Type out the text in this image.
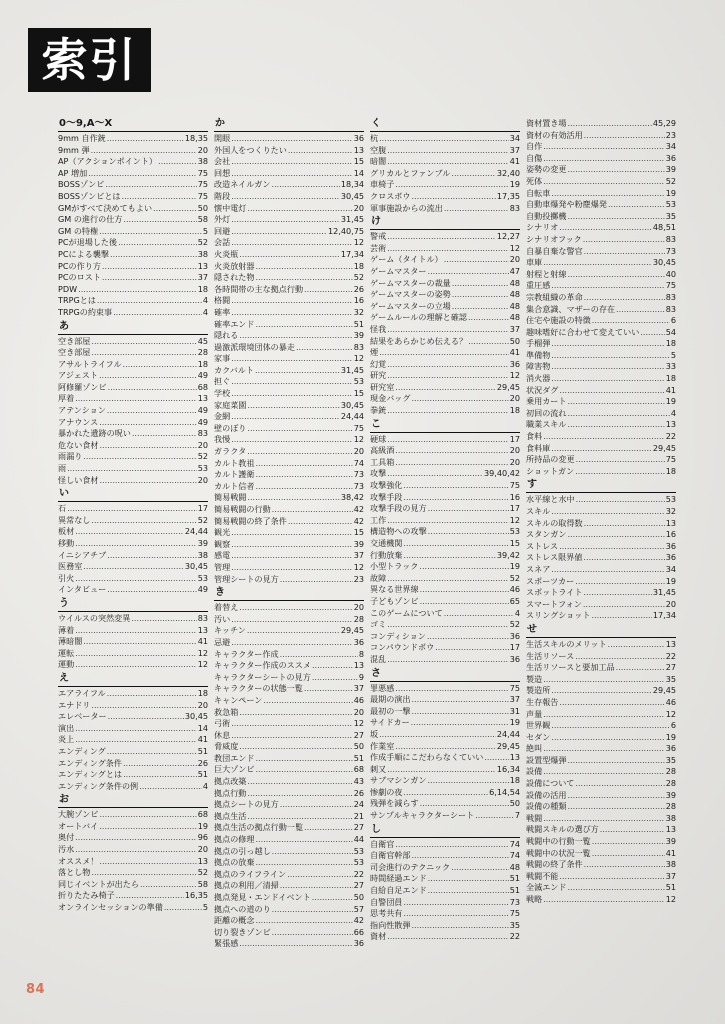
索引
0～9,A～X
9mm 自作銃 .....	18,35
9mm 弾 .....	20
AP（アクションポイント） .....	38
AP 増加 .....	75
BOSSゾンビ .....	75
BOSSゾンビとは .....	75
GMがすべて決めてもよい .....	50
GM の進行の仕方 .....	58
GM の特権 .....	5
PCが退場した後 .....	52
PCによる襲撃 .....	38
PCの作り方 .....	13
PCのロスト .....	37
PDW .....	18
TRPGとは .....	4
TRPGの約束事 .....	4
あ
空き部屋 .....	45
空き部屋 .....	28
アサルトライフル .....	18
アジェスト .....	49
阿修羅ゾンビ .....	68
厚着 .....	13
アテンション .....	49
アナウンス .....	49
暴かれた遺跡の呪い .....	83
危ない食材 .....	20
雨漏り .....	52
雨 .....	53
怪しい食材 .....	20
い
石 .....	17
異常なし .....	52
板材 .....	24,44
移動 .....	39
イニシアチブ .....	38
医務室 .....	30,45
引火 .....	53
インタビュー .....	49
う
ウイルスの突然変異 .....	83
薄着 .....	13
薄暗闇 .....	41
運転 .....	12
運動 .....	12
え
エアライフル .....	18
エナドリ .....	20
エレベーター .....	30,45
演出 .....	14
炎上 .....	41
エンディング .....	51
エンディング条件 .....	26
エンディングとは .....	51
エンディング条件の例 .....	4
お
大腕ゾンビ .....	68
オートバイ .....	19
奥付 .....	96
汚水 .....	20
オススメ！ .....	13
落とし物 .....	52
同じイベントが出たら .....	58
折りたたみ椅子 .....	16,35
オンラインセッションの準備 .....	5
か
開眼 .....	36
外国人をつくりたい .....	13
会社 .....	15
回想 .....	14
改造ネイルガン .....	18,34
階段 .....	30,45
懐中電灯 .....	20
外灯 .....	31,45
回避 .....	12,40,75
会話 .....	12
火炎瓶 .....	17,34
火炎放射器 .....	18
隠された物 .....	52
各時間帯の主な拠点行動 .....	26
格闘 .....	16
確率 .....	32
確率エンド .....	51
隠れる .....	39
過激派環境団体の暴走 .....	83
家事 .....	12
カクバルト .....	31,45
担ぐ .....	53
学校 .....	15
家庭菜園 .....	30,45
金網 .....	24,44
壁のぼり .....	75
我慢 .....	12
ガラクタ .....	20
カルト教祖 .....	74
カルト護衛 .....	73
カルト信者 .....	73
簡易戦闘 .....	38,42
簡易戦闘の行動 .....	42
簡易戦闘の終了条件 .....	42
観光 .....	15
観察 .....	39
感電 .....	37
管理 .....	12
管理シートの見方 .....	23
き
着替え .....	20
汚い .....	28
キッチン .....	29,45
忌避 .....	36
キャラクター作成 .....	8
キャラクター作成のススメ .....	13
キャラクターシートの見方 .....	9
キャラクターの状態一覧 .....	37
キャンペーン .....	46
救急箱 .....	20
弓術 .....	12
休息 .....	27
脅威度 .....	50
教団エンド .....	51
巨大ゾンビ .....	68
拠点改築 .....	43
拠点行動 .....	26
拠点シートの見方 .....	24
拠点生活 .....	21
拠点生活の拠点行動一覧 .....	27
拠点の修理 .....	44
拠点の引っ越し .....	53
拠点の放棄 .....	53
拠点のライフライン .....	22
拠点の利用／清掃 .....	27
拠点発見・エンドイベント .....	50
拠点への道のり .....	57
距離の概念 .....	42
切り裂きゾンビ .....	66
緊張感 .....	36
く
杭 .....	34
空腹 .....	37
暗闇 .....	41
グリカルとファンブル .....	32,40
車椅子 .....	19
クロスボウ .....	17,35
軍事施設からの流出 .....	83
け
警戒 .....	12,27
芸術 .....	12
ゲーム（タイトル） .....	20
ゲームマスター .....	47
ゲームマスターの裁量 .....	48
ゲームマスターの姿勢 .....	48
ゲームマスターの立場 .....	48
ゲームルールの理解と確認 .....	48
怪我 .....	37
結果をあらかじめ伝える？ .....	50
煙 .....	41
幻覚 .....	36
研究 .....	12
研究室 .....	29,45
現金バッグ .....	20
拳銃 .....	18
こ
硬球 .....	17
高級酒 .....	20
工具箱 .....	20
攻撃 .....	39,40,42
攻撃強化 .....	75
攻撃手段 .....	16
攻撃手段の見方 .....	17
工作 .....	12
構造物への攻撃 .....	53
交通機関 .....	15
行動放棄 .....	39,42
小型トラック .....	19
故障 .....	52
異なる世界線 .....	46
子どもゾンビ .....	65
このゲームについて .....	4
ゴミ .....	52
コンディション .....	36
コンパウンドボウ .....	17
混乱 .....	36
さ
罪悪感 .....	75
最期の演出 .....	37
最初の一撃 .....	31
サイドカー .....	19
坂 .....	24,44
作業室 .....	29,45
作成手順にこだわらなくていい .....	13
刺又 .....	16,34
サブマシンガン .....	18
惨劇の夜 .....	6,14,54
残弾を減らす .....	50
サンプルキャラクターシート .....	7
し
自衛官 .....	74
自衛官幹部 .....	74
司会進行のテクニック .....	48
時間経過エンド .....	51
自給自足エンド .....	51
自警団員 .....	73
思考共有 .....	75
指向性散弾 .....	35
資材 .....	22
資材置き場 .....	45,29
資材の有効活用 .....	23
自作 .....	34
自傷 .....	36
姿勢の変更 .....	39
死体 .....	52
自転車 .....	19
自動車爆発や粉塵爆発 .....	53
自動投擲機 .....	35
シナリオ .....	48,51
シナリオフック .....	83
自暴自棄な警官 .....	73
車庫 .....	30,45
射程と射線 .....	40
重圧感 .....	75
宗教組織の革命 .....	83
集合意識、マザーの存在 .....	83
住宅や施設の特徴 .....	6
趣味嗜好に合わせて変えていい .....	54
手榴弾 .....	18
準備物 .....	5
障害物 .....	33
消火器 .....	18
状況ダグ .....	41
乗用カート .....	19
初回の流れ .....	4
職業スキル .....	13
食料 .....	22
食料庫 .....	29,45
所持品の変更 .....	75
ショットガン .....	18
す
水平線と水中 .....	53
スキル .....	32
スキルの取得数 .....	13
スタンガン .....	16
ストレス .....	36
ストレス限界値 .....	36
スネア .....	34
スポーツカー .....	19
スポットライト .....	31,45
スマートフォン .....	20
スリングショット .....	17,34
せ
生活スキルのメリット .....	13
生活リソース .....	22
生活リソースと要加工品 .....	27
製造 .....	35
製造所 .....	29,45
生存報告 .....	46
声量 .....	12
世界観 .....	6
セダン .....	19
絶叫 .....	36
設置型爆弾 .....	35
設備 .....	28
設備について .....	28
設備の活用 .....	39
設備の種類 .....	28
戦闘 .....	38
戦闘スキルの選び方 .....	13
戦闘中の行動一覧 .....	39
戦闘中の状況一覧 .....	41
戦闘の終了条件 .....	38
戦闘不能 .....	37
全滅エンド .....	51
戦略 .....	12
84
